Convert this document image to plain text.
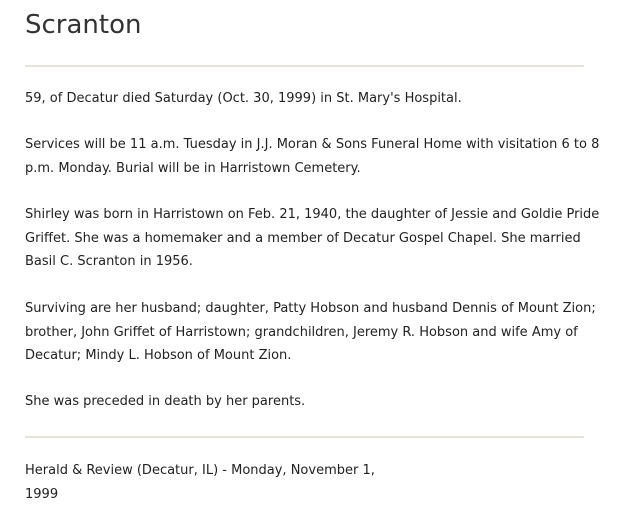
Scranton

59, of Decatur died Saturday (Oct. 30, 1999) in St. Mary's Hospital.

Services will be 11 a.m. Tuesday in J.J. Moran & Sons Funeral Home with visitation 6 to 8 p.m. Monday. Burial will be in Harristown Cemetery.

Shirley was born in Harristown on Feb. 21, 1940, the daughter of Jessie and Goldie Pride Griffet. She was a homemaker and a member of Decatur Gospel Chapel. She married Basil C. Scranton in 1956.

Surviving are her husband; daughter, Patty Hobson and husband Dennis of Mount Zion; brother, John Griffet of Harristown; grandchildren, Jeremy R. Hobson and wife Amy of Decatur; Mindy L. Hobson of Mount Zion.

She was preceded in death by her parents.

Herald & Review (Decatur, IL) - Monday, November 1, 1999
